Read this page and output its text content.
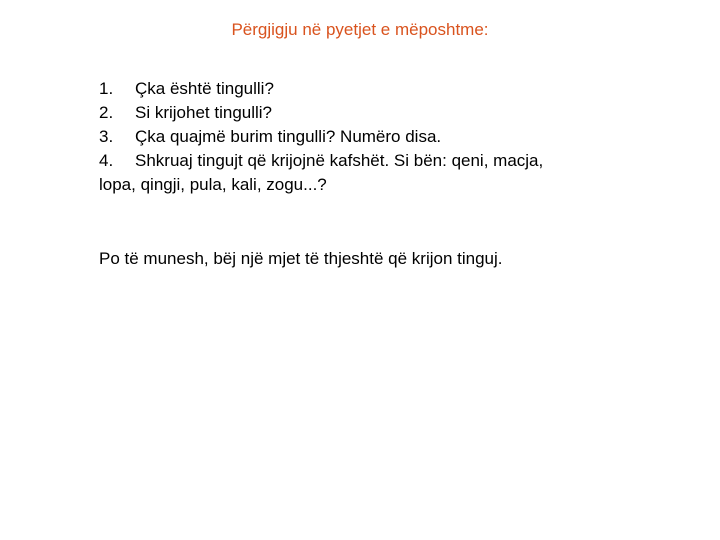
Përgjigju në pyetjet e mëposhtme:
1. Çka është tingulli?
2. Si krijohet tingulli?
3. Çka quajmë burim tingulli? Numëro disa.
4. Shkruaj tingujt që krijojnë kafshët. Si bën: qeni, macja,
lopa, qingji, pula, kali, zogu...?
Po të munesh, bëj një mjet të thjeshtë që krijon tinguj.
